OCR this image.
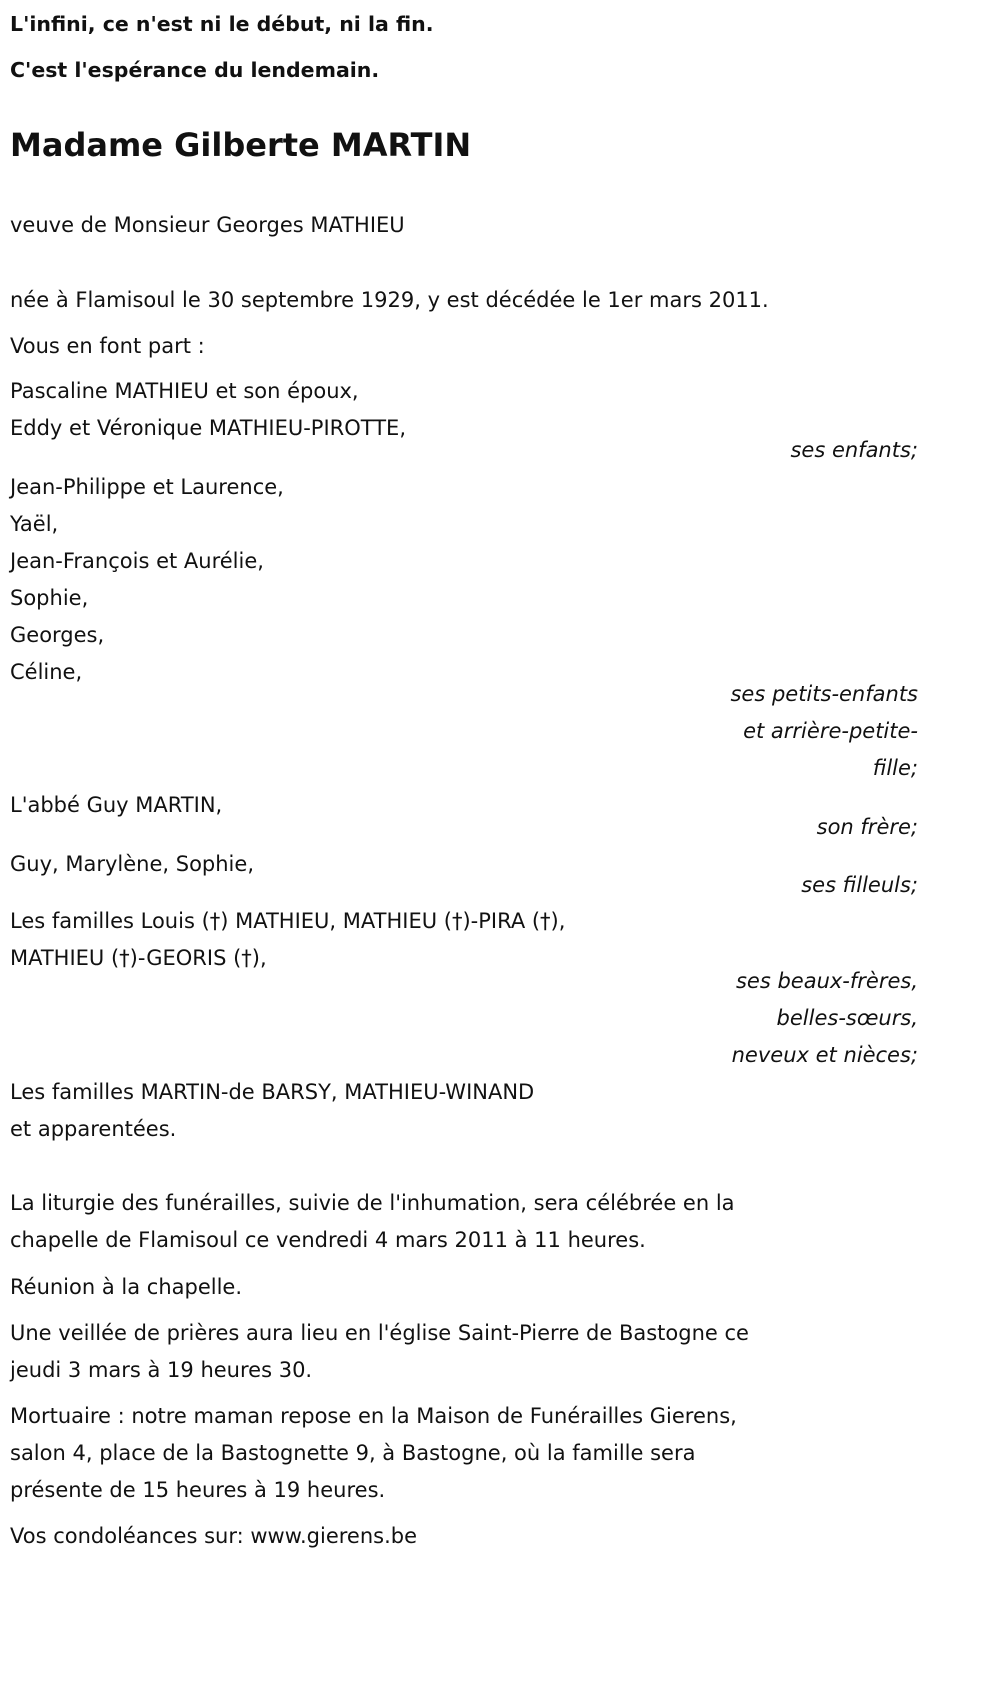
L'infini, ce n'est ni le début, ni la fin.
C'est l'espérance du lendemain.
Madame Gilberte MARTIN
veuve de Monsieur Georges MATHIEU
née à Flamisoul le 30 septembre 1929, y est décédée le 1er mars 2011.
Vous en font part :
Pascaline MATHIEU et son époux,
Eddy et Véronique MATHIEU-PIROTTE,
ses enfants;
Jean-Philippe et Laurence,
Yaël,
Jean-François et Aurélie,
Sophie,
Georges,
Céline,
ses petits-enfants
et arrière-petite-
fille;
L'abbé Guy MARTIN,
son frère;
Guy, Marylène, Sophie,
ses filleuls;
Les familles Louis (†) MATHIEU, MATHIEU (†)-PIRA (†),
MATHIEU (†)-GEORIS (†),
ses beaux-frères,
belles-sœurs,
neveux et nièces;
Les familles MARTIN-de BARSY, MATHIEU-WINAND
et apparentées.
La liturgie des funérailles, suivie de l'inhumation, sera célébrée en la
chapelle de Flamisoul ce vendredi 4 mars 2011 à 11 heures.
Réunion à la chapelle.
Une veillée de prières aura lieu en l'église Saint-Pierre de Bastogne ce
jeudi 3 mars à 19 heures 30.
Mortuaire : notre maman repose en la Maison de Funérailles Gierens,
salon 4, place de la Bastognette 9, à Bastogne, où la famille sera
présente de 15 heures à 19 heures.
Vos condoléances sur: www.gierens.be
